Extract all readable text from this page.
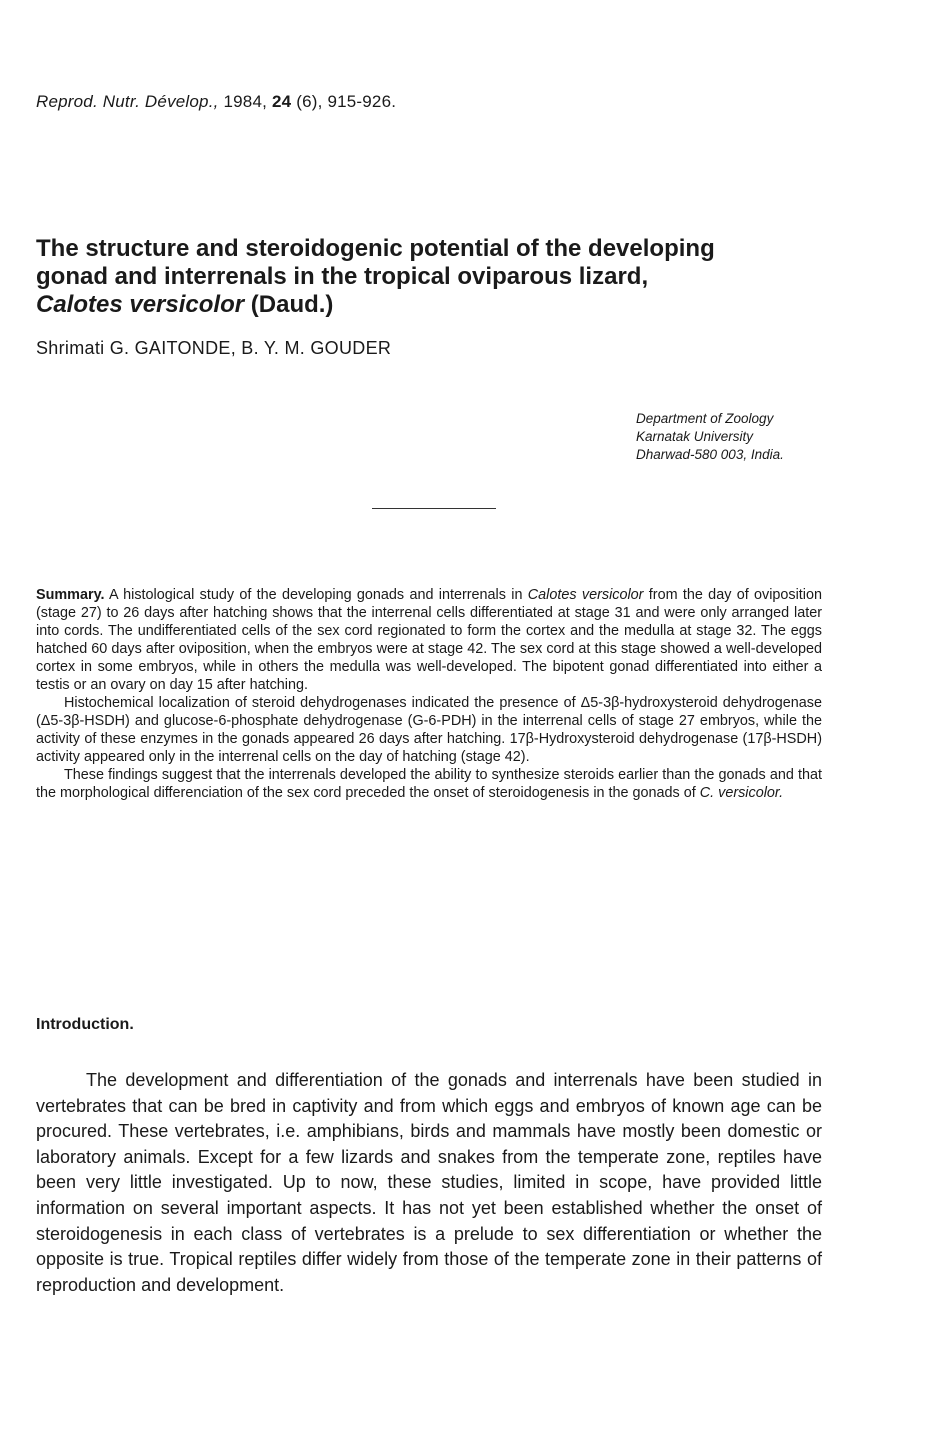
Reprod. Nutr. Dévelop., 1984, 24 (6), 915-926.
The structure and steroidogenic potential of the developing
gonad and interrenals in the tropical oviparous lizard,
Calotes versicolor (Daud.)
Shrimati G. GAITONDE, B. Y. M. GOUDER
Department of Zoology
Karnatak University
Dharwad-580 003, India.

Summary. A histological study of the developing gonads and interrenals in Calotes versicolor from the day of oviposition (stage 27) to 26 days after hatching shows that the interrenal cells differentiated at stage 31 and were only arranged later into cords. The undifferentiated cells of the sex cord regionated to form the cortex and the medulla at stage 32. The eggs hatched 60 days after oviposition, when the embryos were at stage 42. The sex cord at this stage showed a well-developed cortex in some embryos, while in others the medulla was well-developed. The bipotent gonad differentiated into either a testis or an ovary on day 15 after hatching.

Histochemical localization of steroid dehydrogenases indicated the presence of Δ5-3β-hydroxysteroid dehydrogenase (Δ5-3β-HSDH) and glucose-6-phosphate dehydrogenase (G-6-PDH) in the interrenal cells of stage 27 embryos, while the activity of these enzymes in the gonads appeared 26 days after hatching. 17β-Hydroxysteroid dehydrogenase (17β-HSDH) activity appeared only in the interrenal cells on the day of hatching (stage 42).

These findings suggest that the interrenals developed the ability to synthesize steroids earlier than the gonads and that the morphological differenciation of the sex cord preceded the onset of steroidogenesis in the gonads of C. versicolor.

Introduction.

The development and differentiation of the gonads and interrenals have been studied in vertebrates that can be bred in captivity and from which eggs and embryos of known age can be procured. These vertebrates, i.e. amphibians, birds and mammals have mostly been domestic or laboratory animals. Except for a few lizards and snakes from the temperate zone, reptiles have been very little investigated. Up to now, these studies, limited in scope, have provided little information on several important aspects. It has not yet been established whether the onset of steroidogenesis in each class of vertebrates is a prelude to sex differentiation or whether the opposite is true. Tropical reptiles differ widely from those of the temperate zone in their patterns of reproduction and development.
